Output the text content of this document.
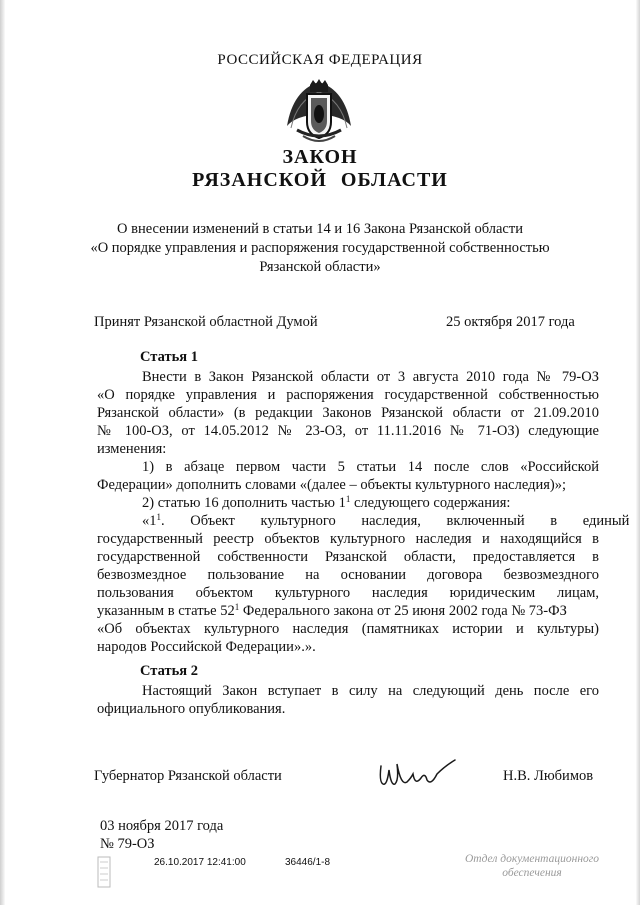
РОССИЙСКАЯ ФЕДЕРАЦИЯ
ЗАКОН
РЯЗАНСКОЙ ОБЛАСТИ
О внесении изменений в статьи 14 и 16 Закона Рязанской области
«О порядке управления и распоряжения государственной собственностью
Рязанской области»
Принят Рязанской областной Думой	25 октября 2017 года
Статья 1
Внести в Закон Рязанской области от 3 августа 2010 года № 79-ОЗ
«О порядке управления и распоряжения государственной собственностью
Рязанской области» (в редакции Законов Рязанской области от 21.09.2010
№ 100-ОЗ, от 14.05.2012 № 23-ОЗ, от 11.11.2016 № 71-ОЗ) следующие
изменения:
1) в абзаце первом части 5 статьи 14 после слов «Российской
Федерации» дополнить словами «(далее – объекты культурного наследия)»;
2) статью 16 дополнить частью $1^1$ следующего содержания:
«$1^1$. Объект культурного наследия, включенный в единый
государственный реестр объектов культурного наследия и находящийся в
государственной собственности Рязанской области, предоставляется в
безвозмездное пользование на основании договора безвозмездного
пользования объектом культурного наследия юридическим лицам,
указанным в статье $52^1$ Федерального закона от 25 июня 2002 года № 73-ФЗ
«Об объектах культурного наследия (памятниках истории и культуры)
народов Российской Федерации».».
Статья 2
Настоящий Закон вступает в силу на следующий день после его
официального опубликования.
Губернатор Рязанской области	Н.В. Любимов
03 ноября 2017 года
№ 79-ОЗ
26.10.2017 12:41:00	36446/1-8	Отдел документационного
обеспечения
